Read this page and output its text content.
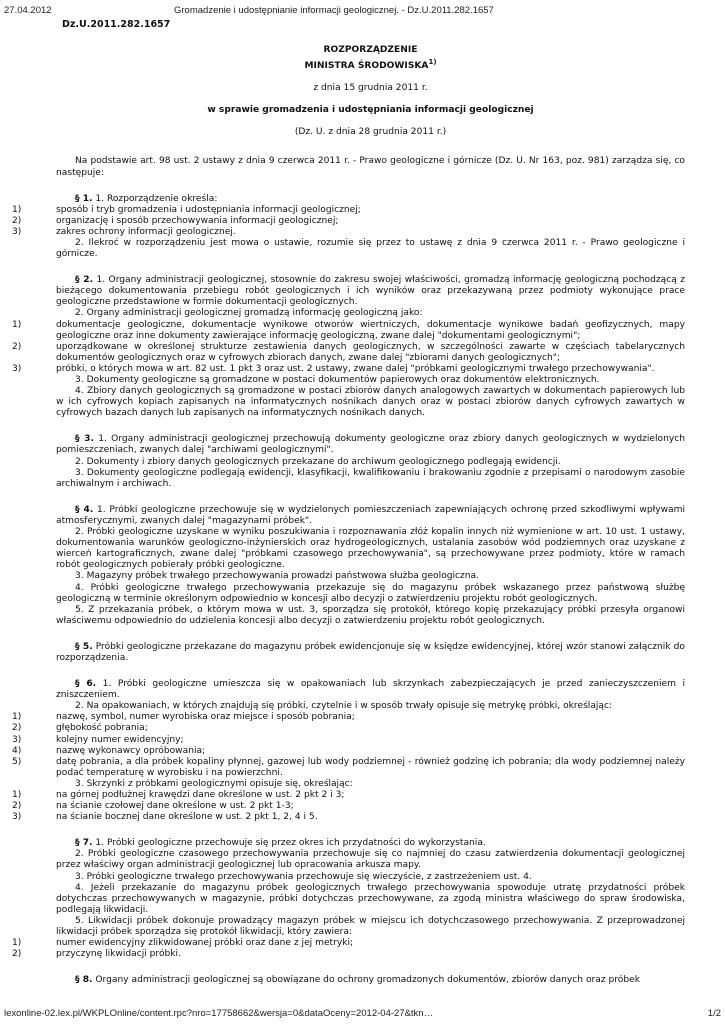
27.04.2012	Gromadzenie i udostępnianie informacji geologicznej. - Dz.U.2011.282.1657
Dz.U.2011.282.1657
ROZPORZĄDZENIE
MINISTRA ŚRODOWISKA$^{1)}$
z dnia 15 grudnia 2011 r.
w sprawie gromadzenia i udostępniania informacji geologicznej
(Dz. U. z dnia 28 grudnia 2011 r.)

Na podstawie art. 98 ust. 2 ustawy z dnia 9 czerwca 2011 r. - Prawo geologiczne i górnicze (Dz. U. Nr 163, poz. 981) zarządza się, co następuje:

§ 1. 1. Rozporządzenie określa:

1)	sposób i tryb gromadzenia i udostępniania informacji geologicznej;
2)	organizację i sposób przechowywania informacji geologicznej;
3)	zakres ochrony informacji geologicznej.

2. Ilekroć w rozporządzeniu jest mowa o ustawie, rozumie się przez to ustawę z dnia 9 czerwca 2011 r. - Prawo geologiczne i górnicze.

§ 2. 1. Organy administracji geologicznej, stosownie do zakresu swojej właściwości, gromadzą informację geologiczną pochodzącą z bieżącego dokumentowania przebiegu robót geologicznych i ich wyników oraz przekazywaną przez podmioty wykonujące prace geologiczne przedstawione w formie dokumentacji geologicznych.

2. Organy administracji geologicznej gromadzą informację geologiczną jako:

1)	dokumentacje geologiczne, dokumentacje wynikowe otworów wiertniczych, dokumentacje wynikowe badań geofizycznych, mapy geologiczne oraz inne dokumenty zawierające informację geologiczną, zwane dalej "dokumentami geologicznymi";
2)	uporządkowane w określonej strukturze zestawienia danych geologicznych, w szczególności zawarte w częściach tabelarycznych dokumentów geologicznych oraz w cyfrowych zbiorach danych, zwane dalej "zbiorami danych geologicznych";
3)	próbki, o których mowa w art. 82 ust. 1 pkt 3 oraz ust. 2 ustawy, zwane dalej "próbkami geologicznymi trwałego przechowywania".

3. Dokumenty geologiczne są gromadzone w postaci dokumentów papierowych oraz dokumentów elektronicznych.

4. Zbiory danych geologicznych są gromadzone w postaci zbiorów danych analogowych zawartych w dokumentach papierowych lub w ich cyfrowych kopiach zapisanych na informatycznych nośnikach danych oraz w postaci zbiorów danych cyfrowych zawartych w cyfrowych bazach danych lub zapisanych na informatycznych nośnikach danych.

§ 3. 1. Organy administracji geologicznej przechowują dokumenty geologiczne oraz zbiory danych geologicznych w wydzielonych pomieszczeniach, zwanych dalej "archiwami geologicznymi".

2. Dokumenty i zbiory danych geologicznych przekazane do archiwum geologicznego podlegają ewidencji.

3. Dokumenty geologiczne podlegają ewidencji, klasyfikacji, kwalifikowaniu i brakowaniu zgodnie z przepisami o narodowym zasobie archiwalnym i archiwach.

§ 4. 1. Próbki geologiczne przechowuje się w wydzielonych pomieszczeniach zapewniających ochronę przed szkodliwymi wpływami atmosferycznymi, zwanych dalej "magazynami próbek".

2. Próbki geologiczne uzyskane w wyniku poszukiwania i rozpoznawania złóż kopalin innych niż wymienione w art. 10 ust. 1 ustawy, dokumentowania warunków geologiczno-inżynierskich oraz hydrogeologicznych, ustalania zasobów wód podziemnych oraz uzyskane z wierceń kartograficznych, zwane dalej "próbkami czasowego przechowywania", są przechowywane przez podmioty, które w ramach robót geologicznych pobierały próbki geologiczne.

3. Magazyny próbek trwałego przechowywania prowadzi państwowa służba geologiczna.

4. Próbki geologiczne trwałego przechowywania przekazuje się do magazynu próbek wskazanego przez państwową służbę geologiczną w terminie określonym odpowiednio w koncesji albo decyzji o zatwierdzeniu projektu robót geologicznych.

5. Z przekazania próbek, o którym mowa w ust. 3, sporządza się protokół, którego kopię przekazujący próbki przesyła organowi właściwemu odpowiednio do udzielenia koncesji albo decyzji o zatwierdzeniu projektu robót geologicznych.

§ 5. Próbki geologiczne przekazane do magazynu próbek ewidencjonuje się w księdze ewidencyjnej, której wzór stanowi załącznik do rozporządzenia.

§ 6. 1. Próbki geologiczne umieszcza się w opakowaniach lub skrzynkach zabezpieczających je przed zanieczyszczeniem i zniszczeniem.

2. Na opakowaniach, w których znajdują się próbki, czytelnie i w sposób trwały opisuje się metrykę próbki, określając:

1)	nazwę, symbol, numer wyrobiska oraz miejsce i sposób pobrania;
2)	głębokość pobrania;
3)	kolejny numer ewidencyjny;
4)	nazwę wykonawcy opróbowania;
5)	datę pobrania, a dla próbek kopaliny płynnej, gazowej lub wody podziemnej - również godzinę ich pobrania; dla wody podziemnej należy podać temperaturę w wyrobisku i na powierzchni.

3. Skrzynki z próbkami geologicznymi opisuje się, określając:

1)	na górnej podłużnej krawędzi dane określone w ust. 2 pkt 2 i 3;
2)	na ścianie czołowej dane określone w ust. 2 pkt 1-3;
3)	na ścianie bocznej dane określone w ust. 2 pkt 1, 2, 4 i 5.

§ 7. 1. Próbki geologiczne przechowuje się przez okres ich przydatności do wykorzystania.

2. Próbki geologiczne czasowego przechowywania przechowuje się co najmniej do czasu zatwierdzenia dokumentacji geologicznej przez właściwy organ administracji geologicznej lub opracowania arkusza mapy.

3. Próbki geologiczne trwałego przechowywania przechowuje się wieczyście, z zastrzeżeniem ust. 4.

4. Jeżeli przekazanie do magazynu próbek geologicznych trwałego przechowywania spowoduje utratę przydatności próbek dotychczas przechowywanych w magazynie, próbki dotychczas przechowywane, za zgodą ministra właściwego do spraw środowiska, podlegają likwidacji.

5. Likwidacji próbek dokonuje prowadzący magazyn próbek w miejscu ich dotychczasowego przechowywania. Z przeprowadzonej likwidacji próbek sporządza się protokół likwidacji, który zawiera:

1)	numer ewidencyjny zlikwidowanej próbki oraz dane z jej metryki;
2)	przyczynę likwidacji próbki.

§ 8. Organy administracji geologicznej są obowiązane do ochrony gromadzonych dokumentów, zbiorów danych oraz próbek

lexonline-02.lex.pl/WKPLOnline/content.rpc?nro=17758662&wersja=0&dataOceny=2012-04-27&tkn…	1/2
